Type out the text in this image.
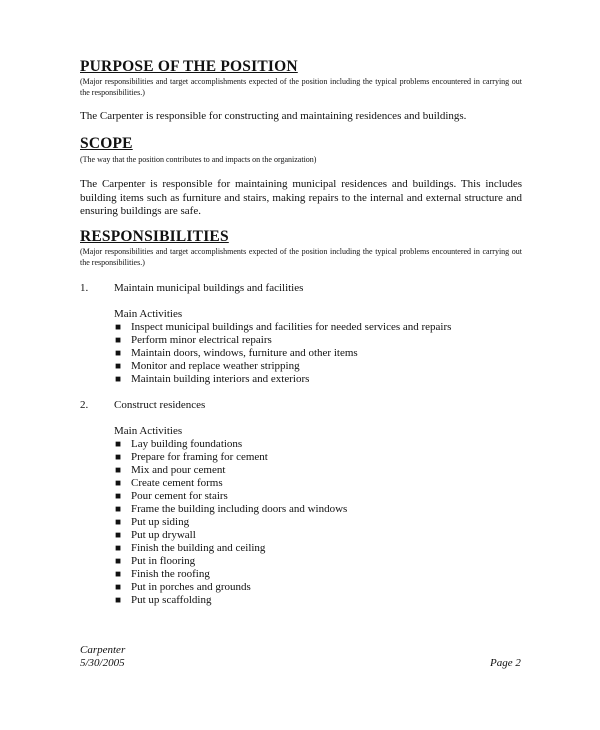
PURPOSE OF THE POSITION
(Major responsibilities and target accomplishments expected of the position including the typical problems encountered in carrying out the responsibilities.)
The Carpenter is responsible for constructing and maintaining residences and buildings.
SCOPE
(The way that the position contributes to and impacts on the organization)
The Carpenter is responsible for maintaining municipal residences and buildings. This includes building items such as furniture and stairs, making repairs to the internal and external structure and ensuring buildings are safe.
RESPONSIBILITIES
(Major responsibilities and target accomplishments expected of the position including the typical problems encountered in carrying out the responsibilities.)
1. Maintain municipal buildings and facilities
Main Activities
■ Inspect municipal buildings and facilities for needed services and repairs
■ Perform minor electrical repairs
■ Maintain doors, windows, furniture and other items
■ Monitor and replace weather stripping
■ Maintain building interiors and exteriors
2. Construct residences
Main Activities
■ Lay building foundations
■ Prepare for framing for cement
■ Mix and pour cement
■ Create cement forms
■ Pour cement for stairs
■ Frame the building including doors and windows
■ Put up siding
■ Put up drywall
■ Finish the building and ceiling
■ Put in flooring
■ Finish the roofing
■ Put in porches and grounds
■ Put up scaffolding
Carpenter
5/30/2005	Page 2
